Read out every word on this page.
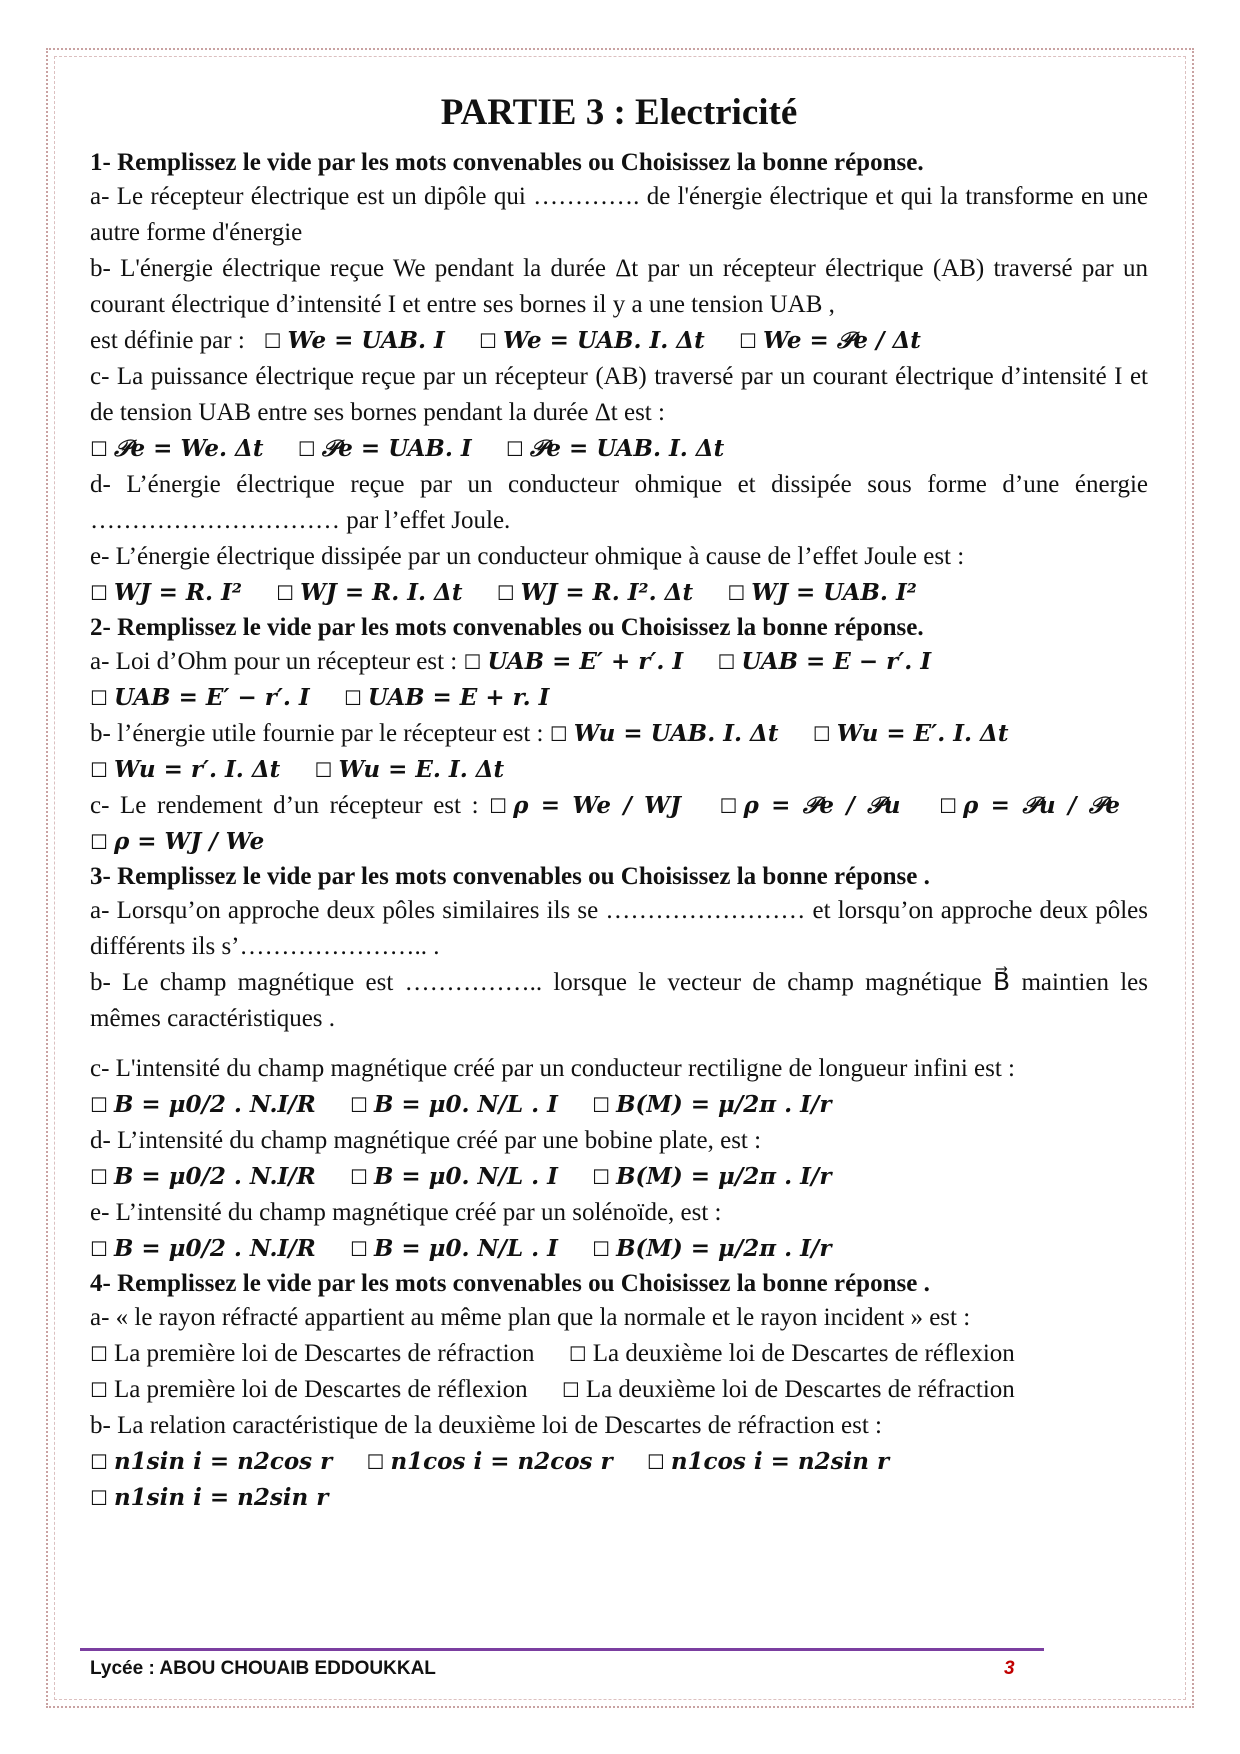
PARTIE 3 : Electricité

1- Remplissez le vide par les mots convenables ou Choisissez la bonne réponse.

a- Le récepteur électrique est un dipôle qui …………. de l'énergie électrique et qui la transforme en une autre forme d'énergie

b- L'énergie électrique reçue We pendant la durée Δt par un récepteur électrique (AB) traversé par un courant électrique d’intensité I et entre ses bornes il y a une tension UAB ,

est définie par : ☐ We = UAB. I ☐ We = UAB. I. Δt ☐ We = 𝒫e / Δt

c- La puissance électrique reçue par un récepteur (AB) traversé par un courant électrique d’intensité I et de tension UAB entre ses bornes pendant la durée Δt est :

☐ 𝒫e = We. Δt ☐ 𝒫e = UAB. I ☐ 𝒫e = UAB. I. Δt

d- L’énergie électrique reçue par un conducteur ohmique et dissipée sous forme d’une énergie ………………………… par l’effet Joule.

e- L’énergie électrique dissipée par un conducteur ohmique à cause de l’effet Joule est :

☐ WJ = R. I² ☐ WJ = R. I. Δt ☐ WJ = R. I². Δt ☐ WJ = UAB. I²

2- Remplissez le vide par les mots convenables ou Choisissez la bonne réponse.

a- Loi d’Ohm pour un récepteur est : ☐ UAB = E′ + r′. I ☐ UAB = E − r′. I

☐ UAB = E′ − r′. I ☐ UAB = E + r. I

b- l’énergie utile fournie par le récepteur est : ☐ Wu = UAB. I. Δt ☐ Wu = E′. I. Δt

☐ Wu = r′. I. Δt ☐ Wu = E. I. Δt

c- Le rendement d’un récepteur est : ☐ ρ = We / WJ ☐ ρ = 𝒫e / 𝒫u ☐ ρ = 𝒫u / 𝒫e ☐ ρ = WJ / We

3- Remplissez le vide par les mots convenables ou Choisissez la bonne réponse .

a- Lorsqu’on approche deux pôles similaires ils se …………………… et lorsqu’on approche deux pôles différents ils s’………………….. .

b- Le champ magnétique est …………….. lorsque le vecteur de champ magnétique B⃗ maintien les mêmes caractéristiques .

c- L'intensité du champ magnétique créé par un conducteur rectiligne de longueur infini est :

☐ B = μ0/2 . N.I/R ☐ B = μ0. N/L . I ☐ B(M) = μ/2π . I/r

d- L’intensité du champ magnétique créé par une bobine plate, est :

☐ B = μ0/2 . N.I/R ☐ B = μ0. N/L . I ☐ B(M) = μ/2π . I/r

e- L’intensité du champ magnétique créé par un solénoïde, est :

☐ B = μ0/2 . N.I/R ☐ B = μ0. N/L . I ☐ B(M) = μ/2π . I/r

4- Remplissez le vide par les mots convenables ou Choisissez la bonne réponse .

a- « le rayon réfracté appartient au même plan que la normale et le rayon incident » est :

☐ La première loi de Descartes de réfraction ☐ La deuxième loi de Descartes de réflexion

☐ La première loi de Descartes de réflexion ☐ La deuxième loi de Descartes de réfraction

b- La relation caractéristique de la deuxième loi de Descartes de réfraction est :

☐ n1sin i = n2cos r ☐ n1cos i = n2cos r ☐ n1cos i = n2sin r

☐ n1sin i = n2sin r

Lycée : ABOU CHOUAIB EDDOUKKAL	3
